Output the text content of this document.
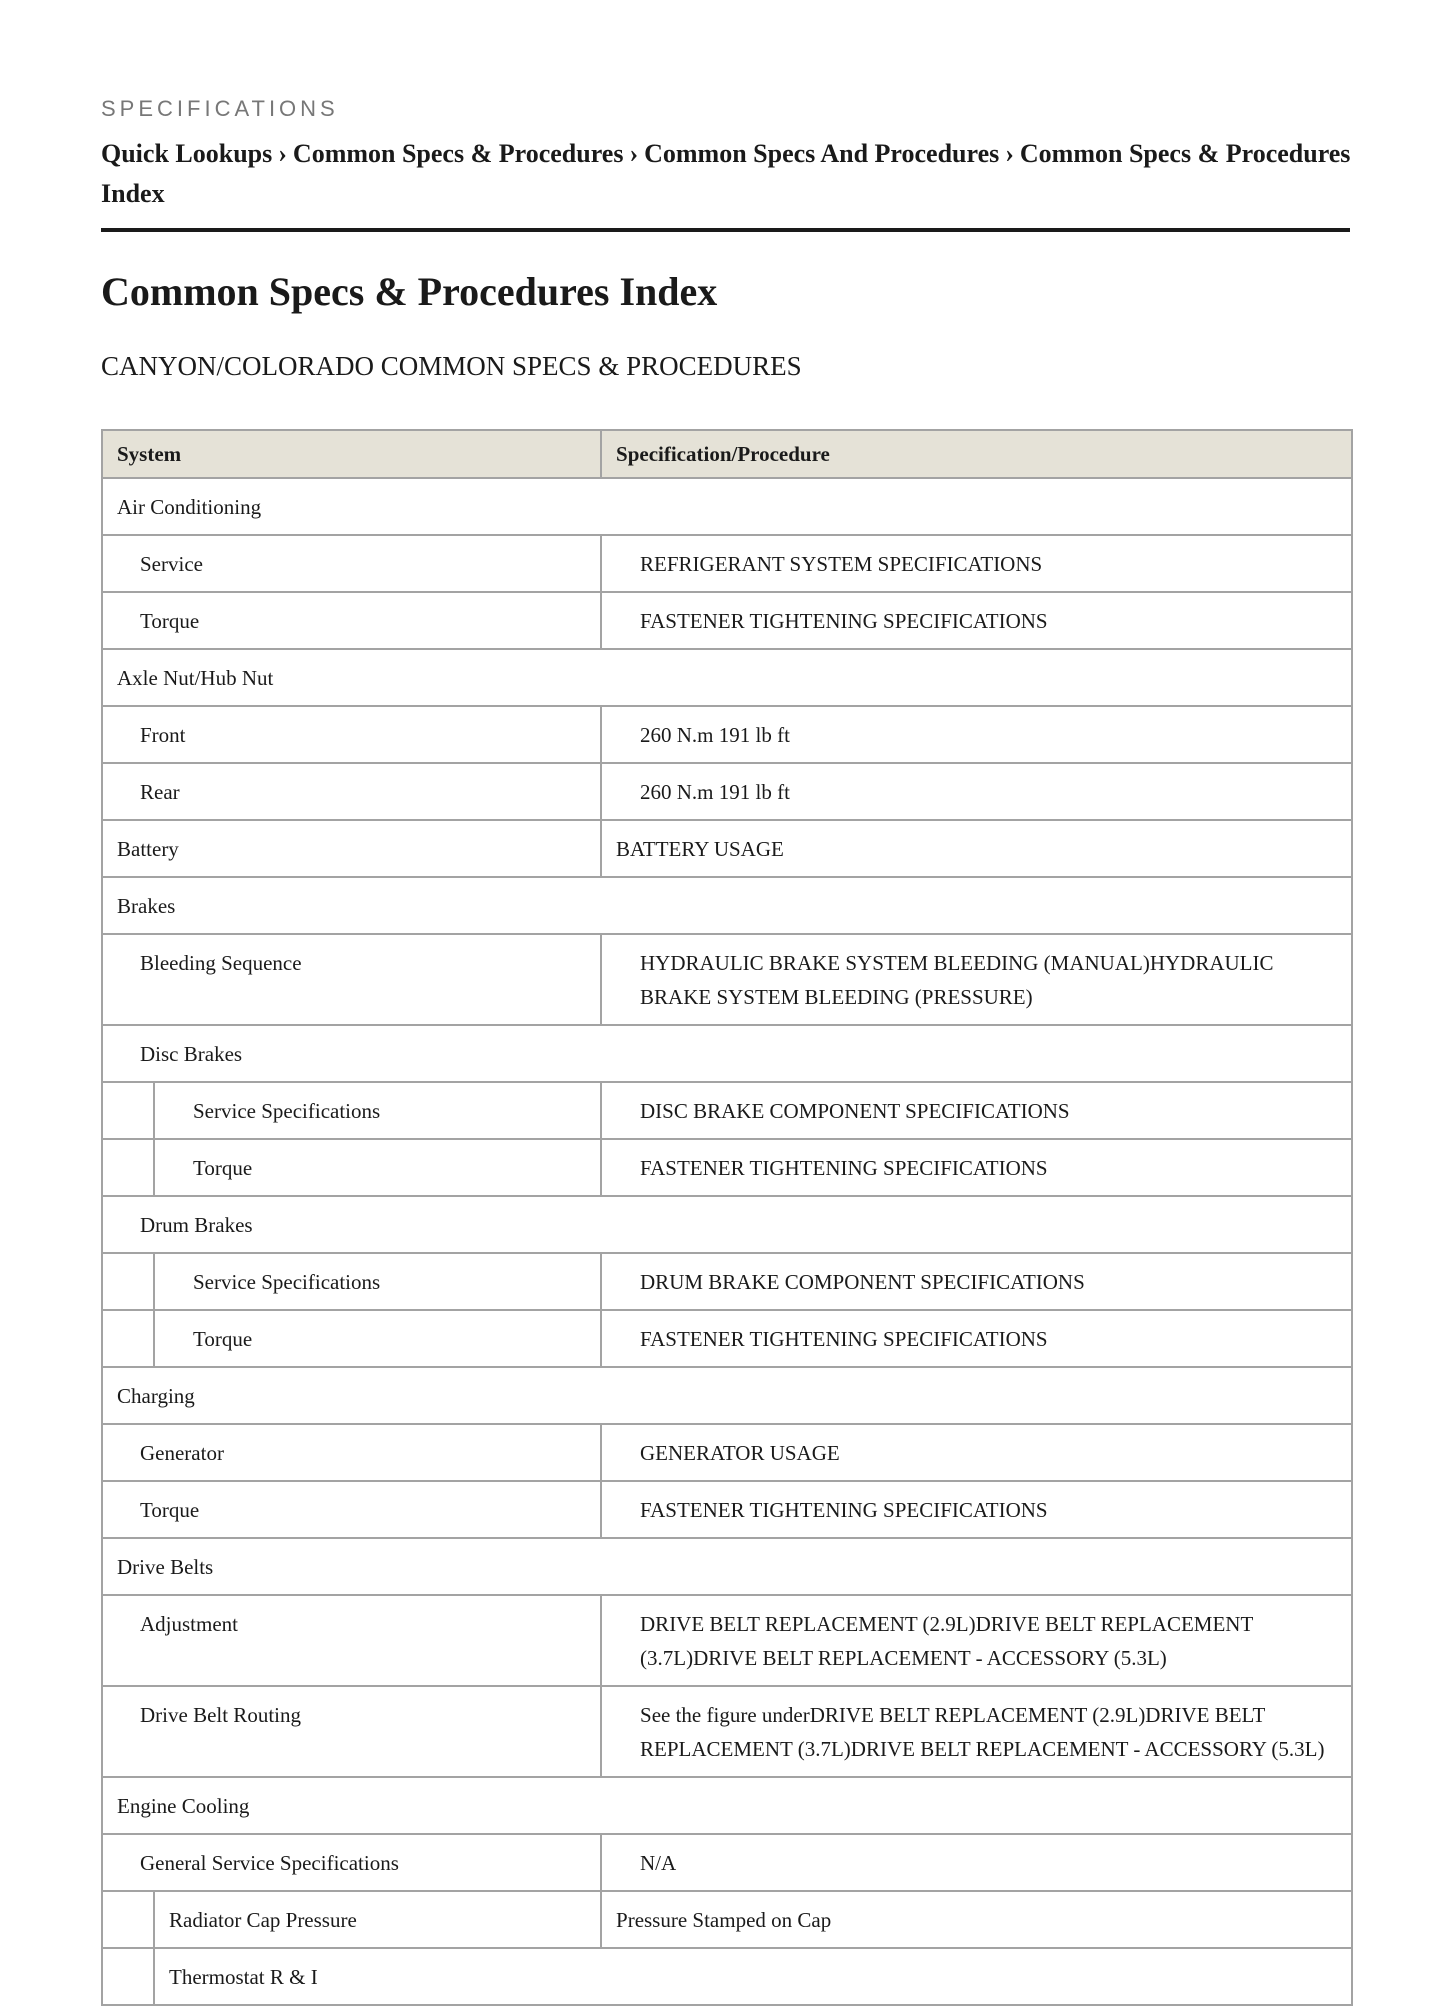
SPECIFICATIONS
Quick Lookups › Common Specs & Procedures › Common Specs And Procedures › Common Specs & Procedures Index
Common Specs & Procedures Index
CANYON/COLORADO COMMON SPECS & PROCEDURES
System		Specification/Procedure

Air Conditioning		

Service		REFRIGERANT SYSTEM SPECIFICATIONS

Torque		FASTENER TIGHTENING SPECIFICATIONS

Axle Nut/Hub Nut		

Front		260 N.m 191 lb ft

Rear		260 N.m 191 lb ft

Battery		BATTERY USAGE

Brakes		

Bleeding Sequence		HYDRAULIC BRAKE SYSTEM BLEEDING (MANUAL)HYDRAULIC BRAKE SYSTEM BLEEDING (PRESSURE)

Disc Brakes		

	Service Specifications	DISC BRAKE COMPONENT SPECIFICATIONS

	Torque	FASTENER TIGHTENING SPECIFICATIONS

Drum Brakes		

	Service Specifications	DRUM BRAKE COMPONENT SPECIFICATIONS

	Torque	FASTENER TIGHTENING SPECIFICATIONS

Charging		

Generator		GENERATOR USAGE

Torque		FASTENER TIGHTENING SPECIFICATIONS

Drive Belts		

Adjustment		DRIVE BELT REPLACEMENT (2.9L)DRIVE BELT REPLACEMENT (3.7L)DRIVE BELT REPLACEMENT - ACCESSORY (5.3L)

Drive Belt Routing		See the figure underDRIVE BELT REPLACEMENT (2.9L)DRIVE BELT REPLACEMENT (3.7L)DRIVE BELT REPLACEMENT - ACCESSORY (5.3L)

Engine Cooling		

General Service Specifications		N/A

	Radiator Cap Pressure	Pressure Stamped on Cap

	Thermostat R & I	
